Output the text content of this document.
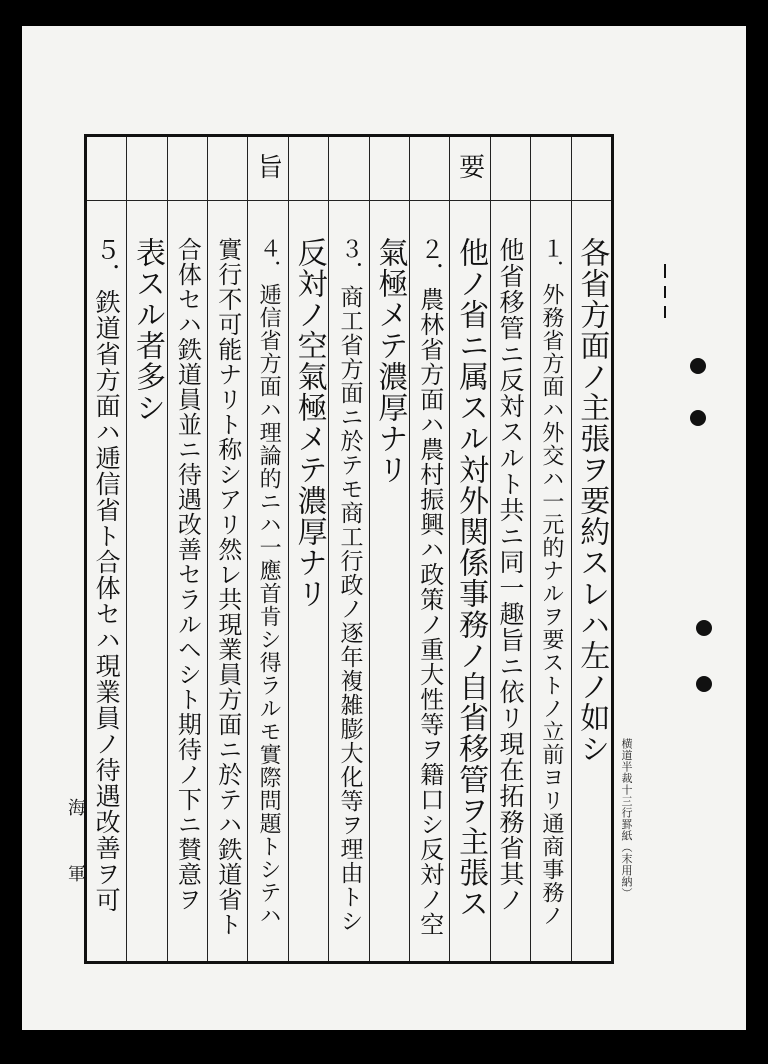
各省方面ノ主張ヲ要約スレハ左ノ如シ
１．外務省方面ハ外交ハ一元的ナルヲ要ストノ立前ヨリ通商事務ノ
他省移管ニ反対スルト共ニ同一趣旨ニ依リ現在拓務省其ノ
要
他ノ省ニ属スル対外関係事務ノ自省移管ヲ主張ス
２．農林省方面ハ農村振興ハ政策ノ重大性等ヲ籍口シ反対ノ空
氣極メテ濃厚ナリ
３．商工省方面ニ於テモ商工行政ノ逐年複雑膨大化等ヲ理由トシ
反対ノ空氣極メテ濃厚ナリ
旨
４．逓信省方面ハ理論的ニハ一應首肯シ得ラルモ實際問題トシテハ
實行不可能ナリト称シアリ然レ共現業員方面ニ於テハ鉄道省ト
合体セハ鉄道員並ニ待遇改善セラルヘシト期待ノ下ニ賛意ヲ
表スル者多シ
５．鉄道省方面ハ逓信省ト合体セハ現業員ノ待遇改善ヲ可	横道半裁十三行罫紙（末用納）
海軍
